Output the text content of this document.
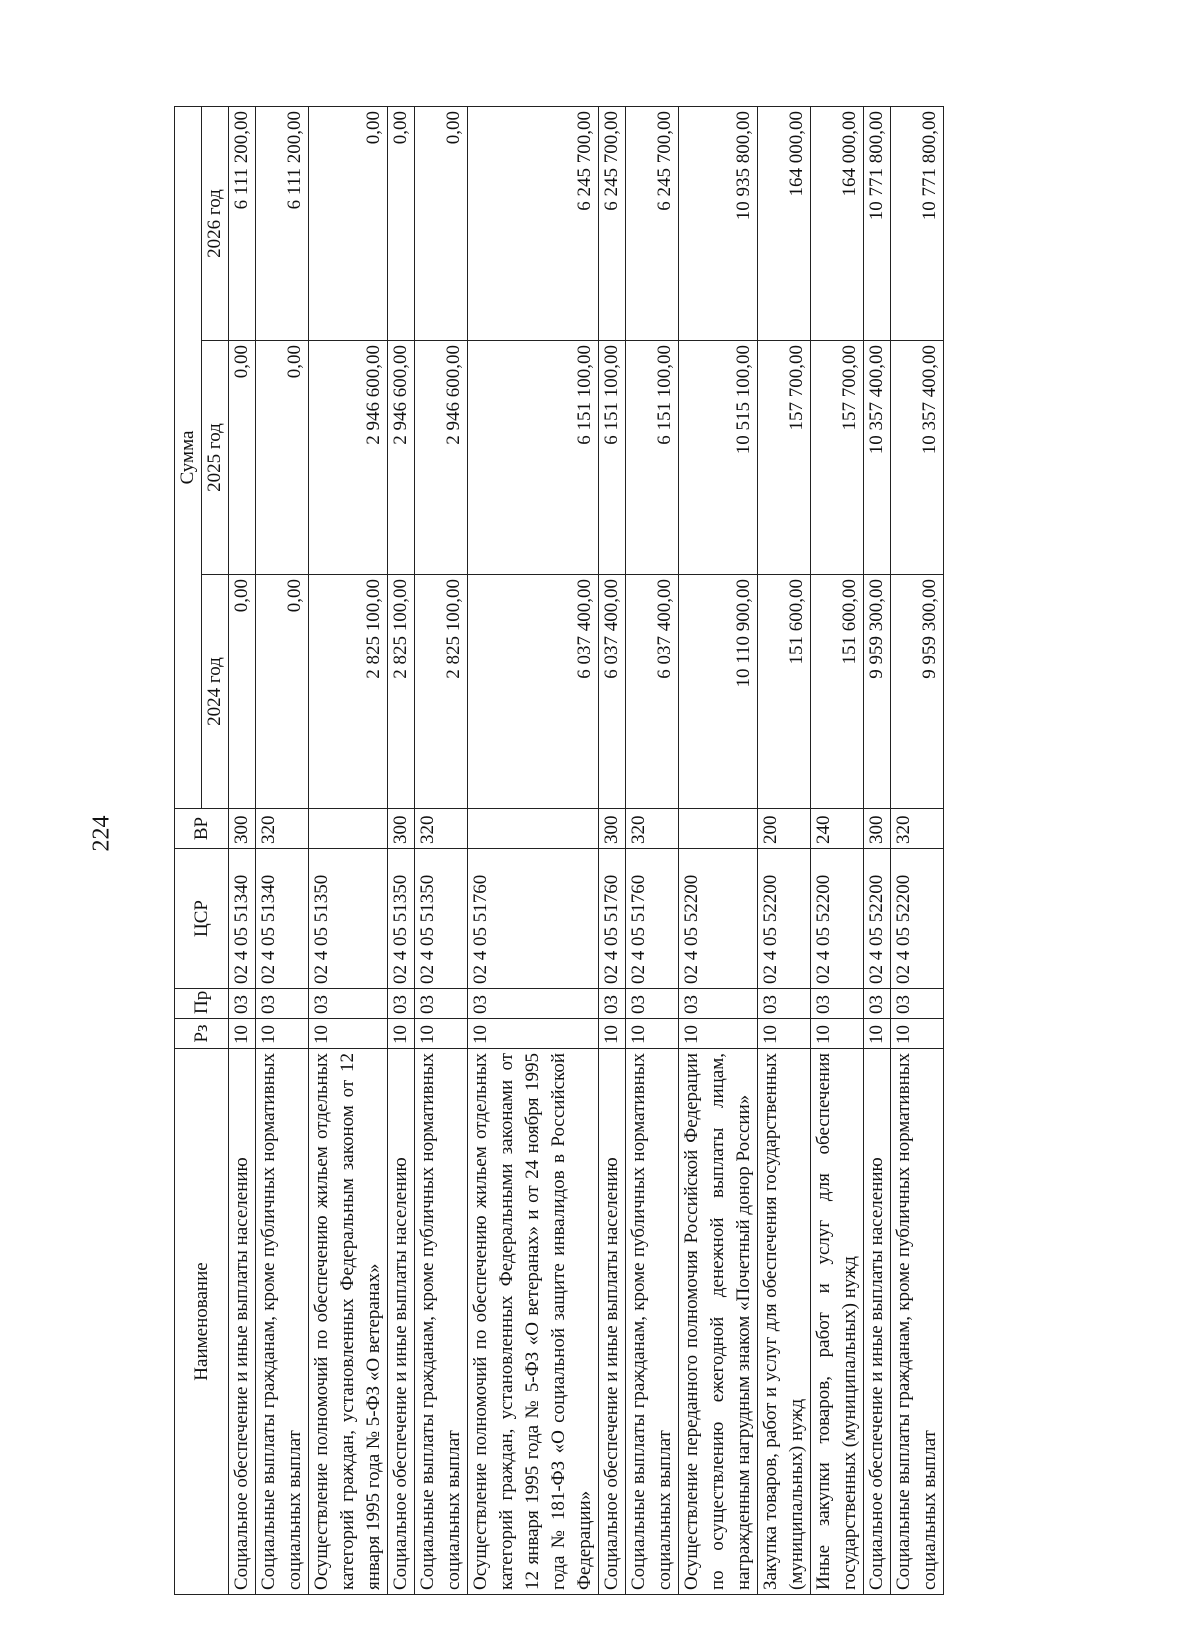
224
Наименование	Рз	Пр	ЦСР	ВР	Сумма		
					2024 год	2025 год	2026 год
Социальное обеспечение и иные выплаты населению	10	03	02 4 05 51340	300	0,00	0,00	6 111 200,00
Социальные выплаты гражданам, кроме публичных нормативных социальных выплат	10	03	02 4 05 51340	320	0,00	0,00	6 111 200,00
Осуществление полномочий по обеспечению жильем отдельных категорий граждан, установленных Федеральным законом от 12 января 1995 года № 5-ФЗ «О ветеранах»	10	03	02 4 05 51350		2 825 100,00	2 946 600,00	0,00
Социальное обеспечение и иные выплаты населению	10	03	02 4 05 51350	300	2 825 100,00	2 946 600,00	0,00
Социальные выплаты гражданам, кроме публичных нормативных социальных выплат	10	03	02 4 05 51350	320	2 825 100,00	2 946 600,00	0,00
Осуществление полномочий по обеспечению жильем отдельных категорий граждан, установленных Федеральными законами от 12 января 1995 года № 5-ФЗ «О ветеранах» и от 24 ноября 1995 года № 181-ФЗ «О социальной защите инвалидов в Российской Федерации»	10	03	02 4 05 51760		6 037 400,00	6 151 100,00	6 245 700,00
Социальное обеспечение и иные выплаты населению	10	03	02 4 05 51760	300	6 037 400,00	6 151 100,00	6 245 700,00
Социальные выплаты гражданам, кроме публичных нормативных социальных выплат	10	03	02 4 05 51760	320	6 037 400,00	6 151 100,00	6 245 700,00
Осуществление переданного полномочия Российской Федерации по осуществлению ежегодной денежной выплаты лицам, награжденным нагрудным знаком «Почетный донор России»	10	03	02 4 05 52200		10 110 900,00	10 515 100,00	10 935 800,00
Закупка товаров, работ и услуг для обеспечения государственных (муниципальных) нужд	10	03	02 4 05 52200	200	151 600,00	157 700,00	164 000,00
Иные закупки товаров, работ и услуг для обеспечения государственных (муниципальных) нужд	10	03	02 4 05 52200	240	151 600,00	157 700,00	164 000,00
Социальное обеспечение и иные выплаты населению	10	03	02 4 05 52200	300	9 959 300,00	10 357 400,00	10 771 800,00
Социальные выплаты гражданам, кроме публичных нормативных социальных выплат	10	03	02 4 05 52200	320	9 959 300,00	10 357 400,00	10 771 800,00
